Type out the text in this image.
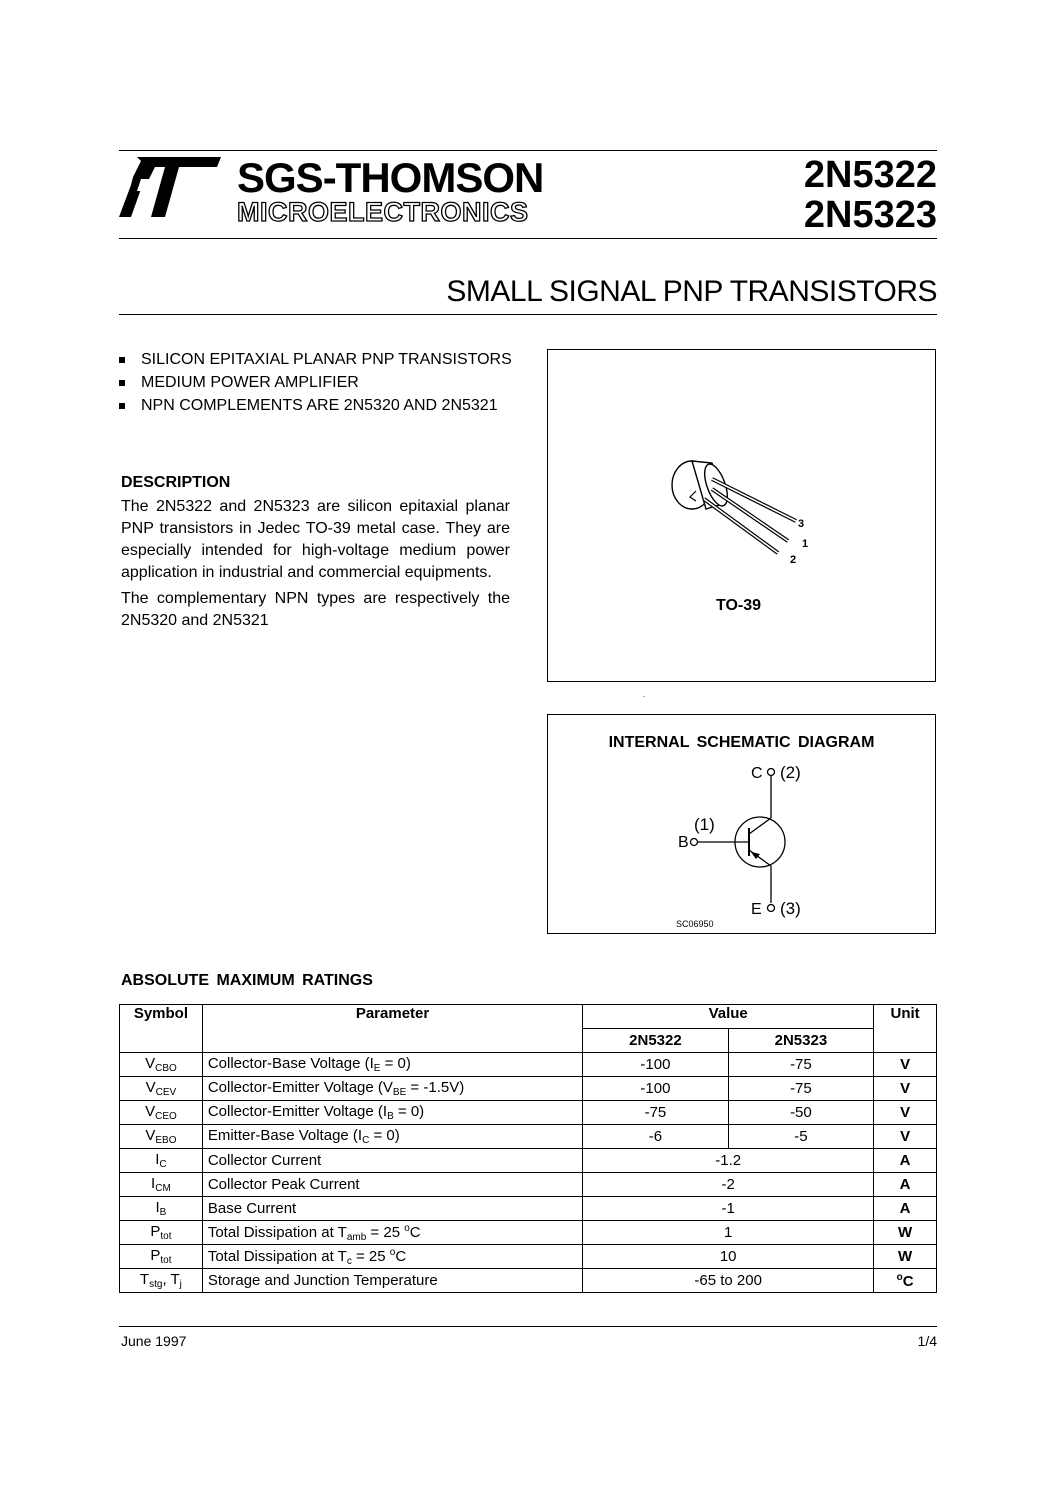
SGS-THOMSON
MICROELECTRONICS
2N5322
2N5323
SMALL SIGNAL PNP TRANSISTORS
SILICON EPITAXIAL PLANAR PNP TRANSISTORS
MEDIUM POWER AMPLIFIER
NPN COMPLEMENTS ARE 2N5320 AND 2N5321
DESCRIPTION

The 2N5322 and 2N5323 are silicon epitaxial planar PNP transistors in Jedec TO-39 metal case. They are especially intended for high-voltage medium power application in industrial and commercial equipments.

The complementary NPN types are respectively the 2N5320 and 2N5321

3
1
2
TO-39
.
INTERNAL SCHEMATIC DIAGRAM
C (2)
B
(1)
E (3)
SC06950
ABSOLUTE MAXIMUM RATINGS
Symbol	Parameter	Value		Unit
		2N5322	2N5323	
$V_{CBO}$	Collector-Base Voltage $(I_E = 0)$	-100	-75	V
$V_{CEV}$	Collector-Emitter Voltage $(V_{BE} = -1.5V)$	-100	-75	V
$V_{CEO}$	Collector-Emitter Voltage $(I_B = 0)$	-75	-50	V
$V_{EBO}$	Emitter-Base Voltage $(I_C = 0)$	-6	-5	V
$I_C$	Collector Current	-1.2		A
$I_{CM}$	Collector Peak Current	-2		A
$I_B$	Base Current	-1		A
$P_{tot}$	Total Dissipation at $T_{amb} = 25$ $^o$C	1		W
$P_{tot}$	Total Dissipation at $T_c = 25$ $^o$C	10		W
$T_{stg}$, $T_j$	Storage and Junction Temperature	-65 to 200		$^o$C
June 1997	1/4
